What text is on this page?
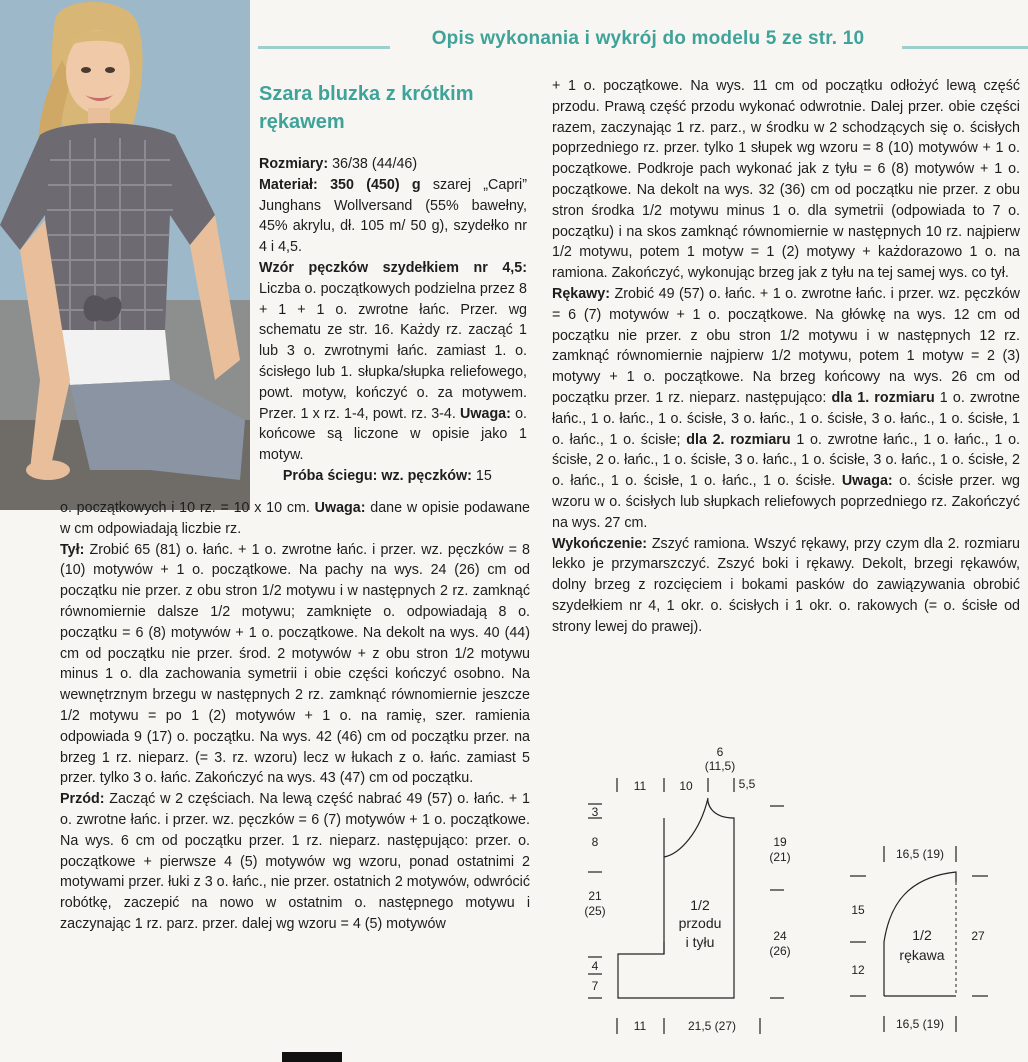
Opis wykonania i wykrój do modelu 5 ze str. 10
Szara bluzka z krótkim rękawem

Rozmiary: 36/38 (44/46)

Materiał: 350 (450) g szarej „Capri” Junghans Wollversand (55% bawełny, 45% akrylu, dł. 105 m/ 50 g), szydełko nr 4 i 4,5.

Wzór pęczków szydełkiem nr 4,5: Liczba o. początkowych podzielna przez 8 + 1 + 1 o. zwrotne łańc. Przer. wg schematu ze str. 16. Każdy rz. zacząć 1 lub 3 o. zwrotnymi łańc. zamiast 1. o. ścisłego lub 1. słupka/słupka reliefowego, powt. motyw, kończyć o. za motywem. Przer. 1 x rz. 1-4, powt. rz. 3-4. Uwaga: o. końcowe są liczone w opisie jako 1 motyw.

Próba ściegu: wz. pęczków: 15

o. początkowych i 10 rz. = 10 x 10 cm. Uwaga: dane w opisie podawane w cm odpowiadają liczbie rz.

Tył: Zrobić 65 (81) o. łańc. + 1 o. zwrotne łańc. i przer. wz. pęczków = 8 (10) motywów + 1 o. początkowe. Na pachy na wys. 24 (26) cm od początku nie przer. z obu stron 1/2 motywu i w następnych 2 rz. zamknąć równomiernie dalsze 1/2 motywu; zamknięte o. odpowiadają 8 o. początku = 6 (8) motywów + 1 o. początkowe. Na dekolt na wys. 40 (44) cm od początku nie przer. środ. 2 motywów + z obu stron 1/2 motywu minus 1 o. dla zachowania symetrii i obie części kończyć osobno. Na wewnętrznym brzegu w następnych 2 rz. zamknąć równomiernie jeszcze 1/2 motywu = po 1 (2) motywów + 1 o. na ramię, szer. ramienia odpowiada 9 (17) o. początku. Na wys. 42 (46) cm od początku przer. na brzeg 1 rz. nieparz. (= 3. rz. wzoru) lecz w łukach z o. łańc. zamiast 5 przer. tylko 3 o. łańc. Zakończyć na wys. 43 (47) cm od początku.

Przód: Zacząć w 2 częściach. Na lewą część nabrać 49 (57) o. łańc. + 1 o. zwrotne łańc. i przer. wz. pęczków = 6 (7) motywów + 1 o. początkowe. Na wys. 6 cm od początku przer. 1 rz. nieparz. następująco: przer. o. początkowe + pierwsze 4 (5) motywów wg wzoru, ponad ostatnimi 2 motywami przer. łuki z 3 o. łańc., nie przer. ostatnich 2 motywów, odwrócić robótkę, zaczepić na nowo w ostatnim o. następnego motywu i zaczynając 1 rz. parz. przer. dalej wg wzoru = 4 (5) motywów

+ 1 o. początkowe. Na wys. 11 cm od początku odłożyć lewą część przodu. Prawą część przodu wykonać odwrotnie. Dalej przer. obie części razem, zaczynając 1 rz. parz., w środku w 2 schodzących się o. ścisłych poprzedniego rz. przer. tylko 1 słupek wg wzoru = 8 (10) motywów + 1 o. początkowe. Podkroje pach wykonać jak z tyłu = 6 (8) motywów + 1 o. początkowe. Na dekolt na wys. 32 (36) cm od początku nie przer. z obu stron środka 1/2 motywu minus 1 o. dla symetrii (odpowiada to 7 o. początku) i na skos zamknąć równomiernie w następnych 10 rz. najpierw 1/2 motywu, potem 1 motyw = 1 (2) motywy + każdorazowo 1 o. na ramiona. Zakończyć, wykonując brzeg jak z tyłu na tej samej wys. co tył.

Rękawy: Zrobić 49 (57) o. łańc. + 1 o. zwrotne łańc. i przer. wz. pęczków = 6 (7) motywów + 1 o. początkowe. Na główkę na wys. 12 cm od początku nie przer. z obu stron 1/2 motywu i w następnych 12 rz. zamknąć równomiernie najpierw 1/2 motywu, potem 1 motyw = 2 (3) motywy + 1 o. początkowe. Na brzeg końcowy na wys. 26 cm od początku przer. 1 rz. nieparz. następująco: dla 1. rozmiaru 1 o. zwrotne łańc., 1 o. łańc., 1 o. ścisłe, 3 o. łańc., 1 o. ścisłe, 3 o. łańc., 1 o. ścisłe, 1 o. łańc., 1 o. ścisłe; dla 2. rozmiaru 1 o. zwrotne łańc., 1 o. łańc., 1 o. ścisłe, 2 o. łańc., 1 o. ścisłe, 3 o. łańc., 1 o. ścisłe, 3 o. łańc., 1 o. ścisłe, 2 o. łańc., 1 o. ścisłe, 1 o. łańc., 1 o. ścisłe. Uwaga: o. ścisłe przer. wg wzoru w o. ścisłych lub słupkach reliefowych poprzedniego rz. Zakończyć na wys. 27 cm.

Wykończenie: Zszyć ramiona. Wszyć rękawy, przy czym dla 2. rozmiaru lekko je przymarszczyć. Zszyć boki i rękawy. Dekolt, brzegi rękawów, dolny brzeg z rozcięciem i bokami pasków do zawiązywania obrobić szydełkiem nr 4, 1 okr. o. ścisłych i 1 okr. o. rakowych (= o. ścisłe od strony lewej do prawej).

6
(11,5)
11	10	5,5
3
8
21
(25)
4
7
19
(21)
24
(26)
1/2
przodu
i tyłu
11	21,5 (27)
16,5 (19)
15
12
27
1/2
rękawa
16,5 (19)
